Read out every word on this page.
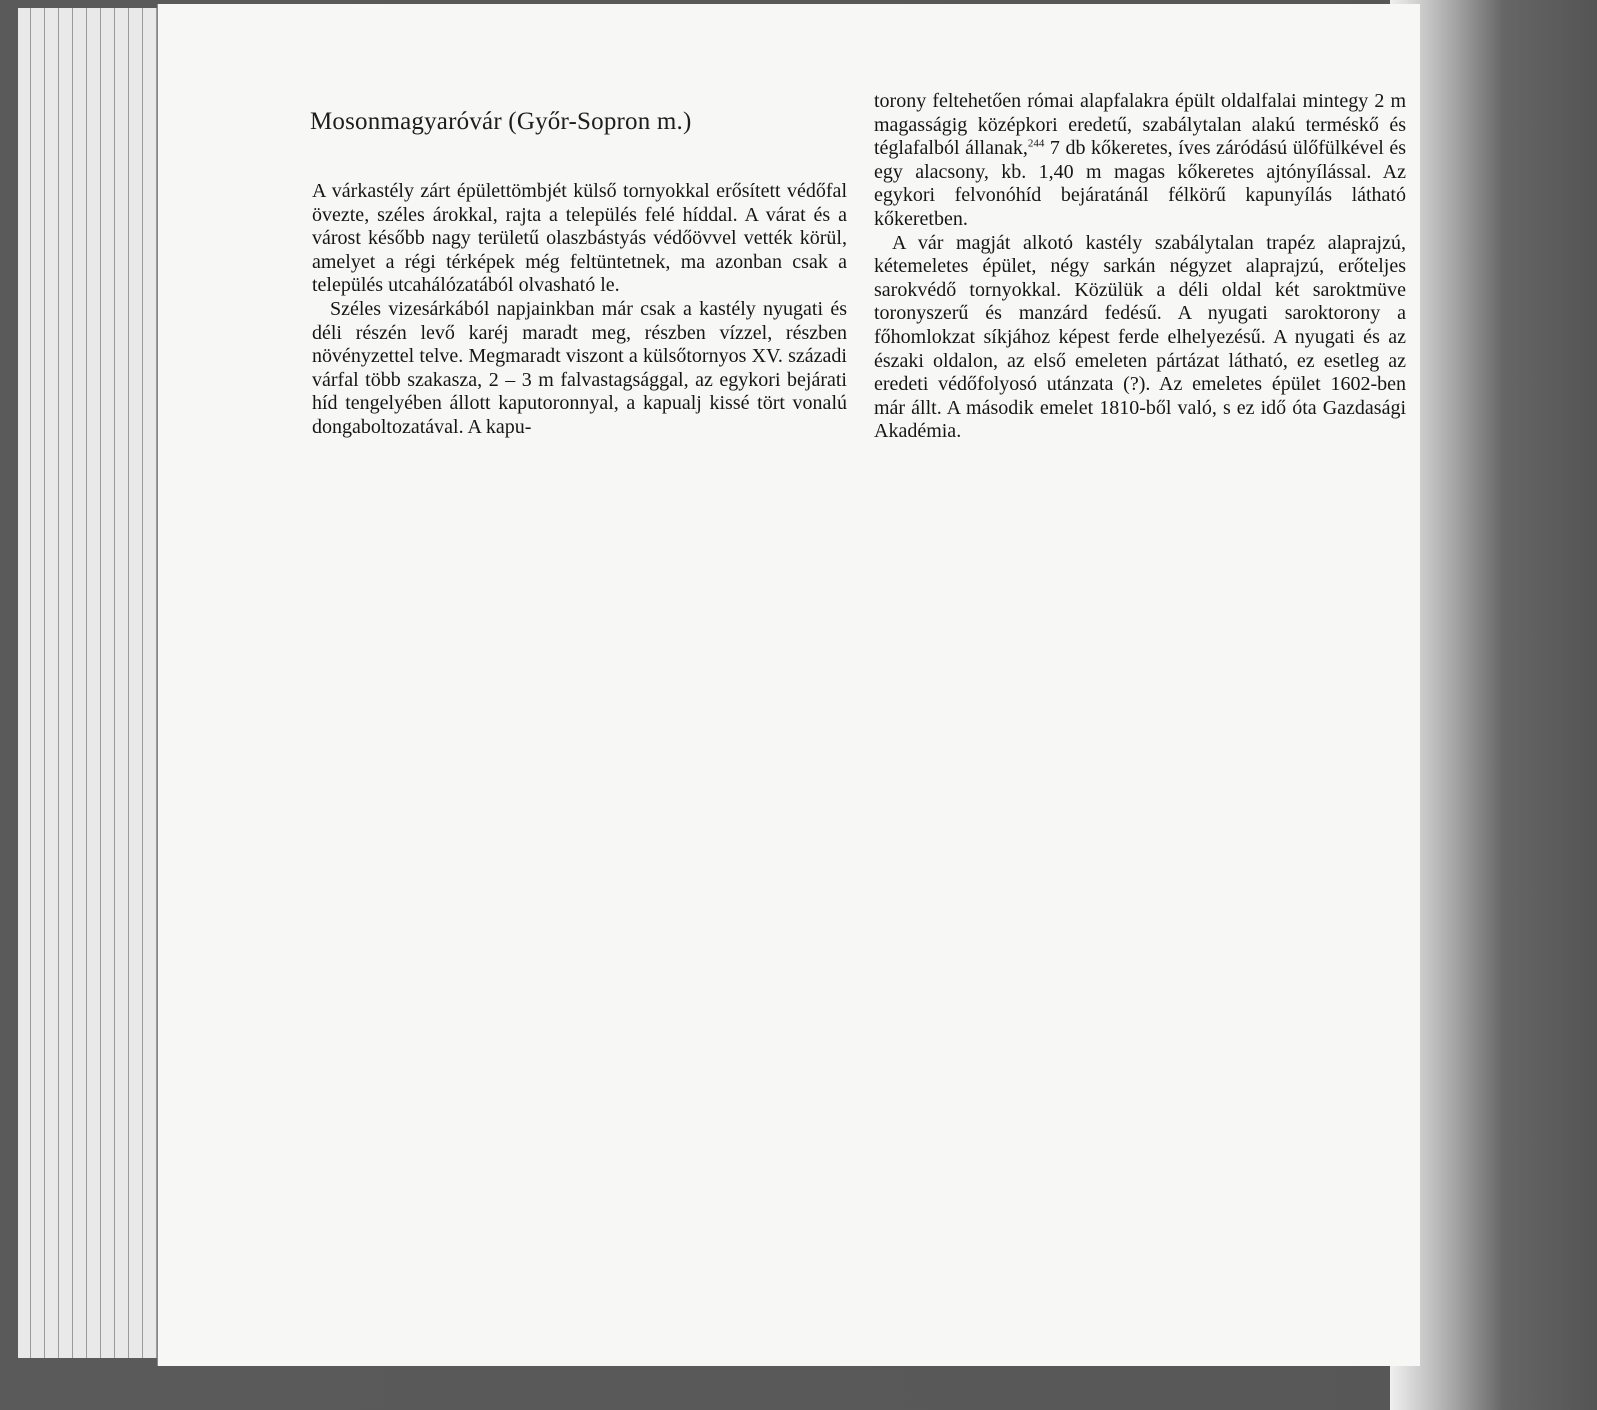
Mosonmagyaróvár (Győr-Sopron m.)

A várkastély zárt épülettömbjét külső tornyokkal erősített védőfal övezte, széles árokkal, rajta a település felé híddal. A várat és a várost később nagy területű olaszbástyás védőövvel vették körül, amelyet a régi térképek még feltüntetnek, ma azonban csak a település utcahálózatából olvasható le.

Széles vizesárkából napjainkban már csak a kastély nyugati és déli részén levő karéj maradt meg, részben vízzel, részben növényzettel telve. Megmaradt viszont a külsőtornyos XV. századi várfal több szakasza, 2 – 3 m falvastagsággal, az egykori bejárati híd tengelyében állott kaputoronnyal, a kapualj kissé tört vonalú dongaboltozatával. A kapu-

torony feltehetően római alapfalakra épült oldalfalai mintegy 2 m magasságig középkori eredetű, szabálytalan alakú terméskő és téglafalból állanak,$^{244}$ 7 db kőkeretes, íves záródású ülőfülkével és egy alacsony, kb. 1,40 m magas kőkeretes ajtónyílással. Az egykori felvonóhíd bejáratánál félkörű kapunyílás látható kőkeretben.

A vár magját alkotó kastély szabálytalan trapéz alaprajzú, kétemeletes épület, négy sarkán négyzet alaprajzú, erőteljes sarokvédő tornyokkal. Közülük a déli oldal két saroktmüve toronyszerű és manzárd fedésű. A nyugati saroktorony a főhomlokzat síkjához képest ferde elhelyezésű. A nyugati és az északi oldalon, az első emeleten pártázat látható, ez esetleg az eredeti védőfolyosó utánzata (?). Az emeletes épület 1602-ben már állt. A második emelet 1810-ből való, s ez idő óta Gazdasági Akadémia.
